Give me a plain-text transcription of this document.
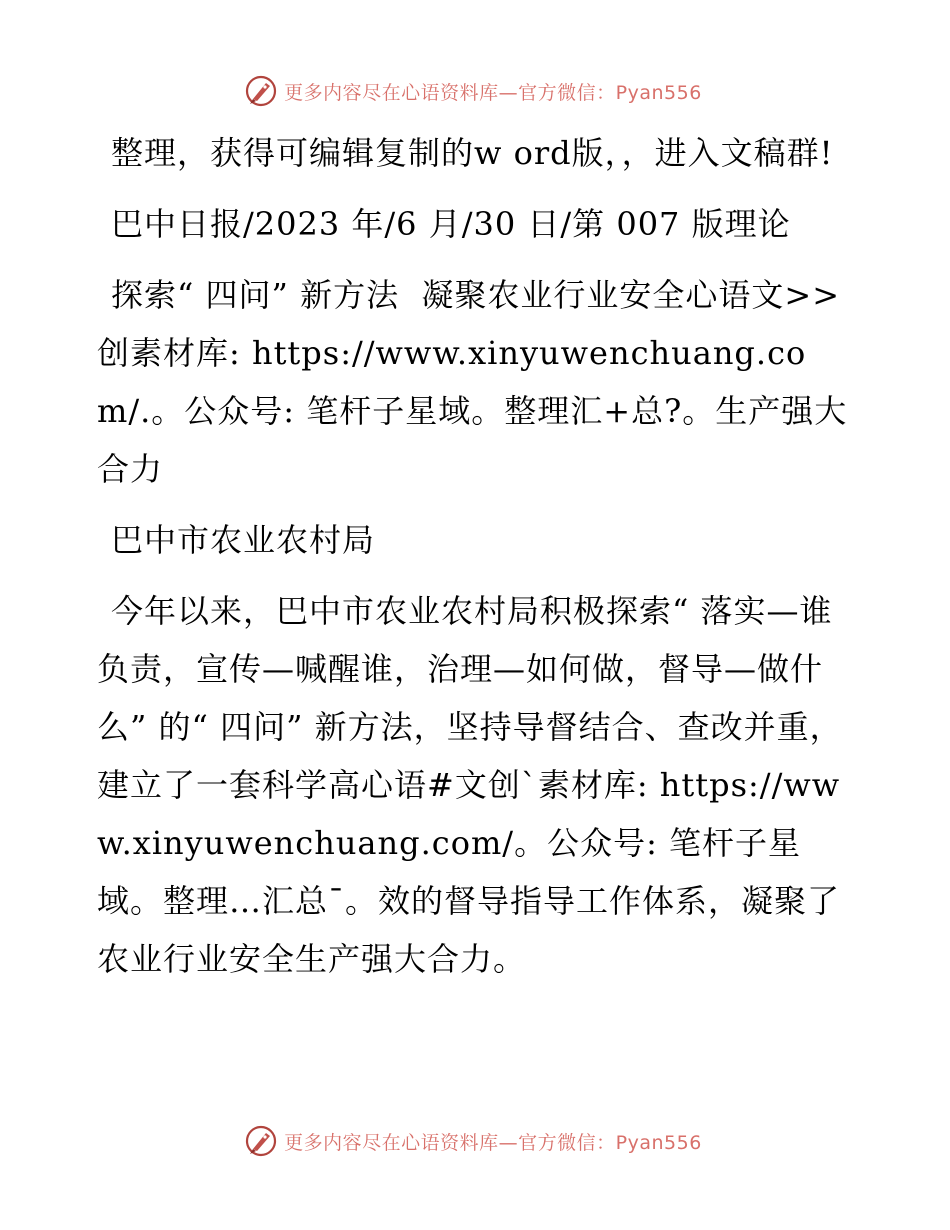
更多内容尽在心语资料库—官方微信：Pyan556

整理，获得可编辑复制的w ord版，，进入文稿群!

巴中日报/2023 年/6 月/30 日/第 007 版理论

探索“ 四问” 新方法  凝聚农业行业安全心语文>>创素材库: https://www.xinyuwenchuang.com/.。公众号: 笔杆子星域。整理汇+总?。生产强大合力

巴中市农业农村局

今年以来，巴中市农业农村局积极探索“ 落实—谁负责，宣传—喊醒谁，治理—如何做，督导—做什么” 的“ 四问” 新方法，坚持导督结合、查改并重，建立了一套科学高心语#文创`素材库: https://www.xinyuwenchuang.com/。公众号: 笔杆子星域。整理…汇总¯。效的督导指导工作体系，凝聚了农业行业安全生产强大合力。

更多内容尽在心语资料库—官方微信：Pyan556
